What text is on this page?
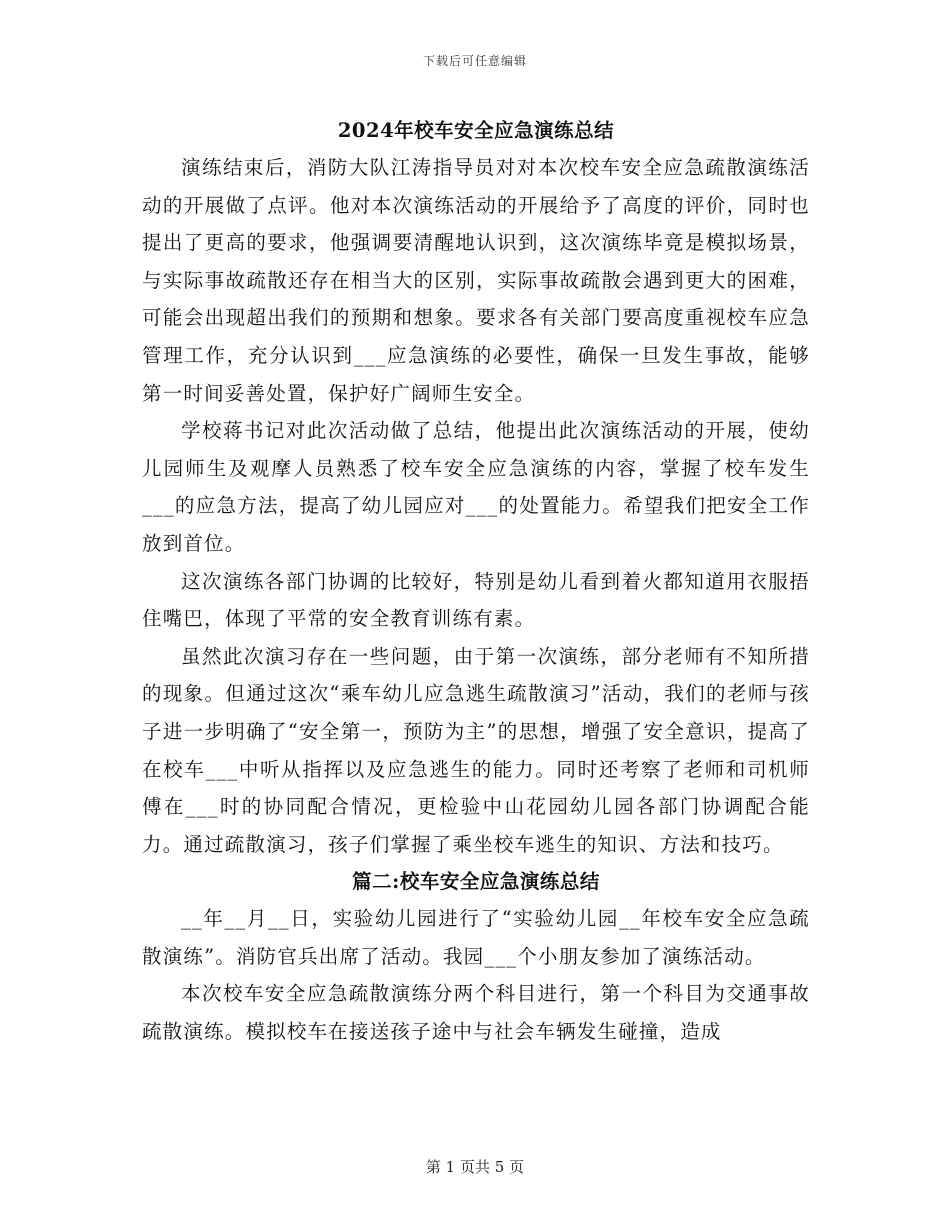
下载后可任意编辑
2024年校车安全应急演练总结

演练结束后，消防大队江涛指导员对对本次校车安全应急疏散演练活动的开展做了点评。他对本次演练活动的开展给予了高度的评价，同时也提出了更高的要求，他强调要清醒地认识到，这次演练毕竟是模拟场景，与实际事故疏散还存在相当大的区别，实际事故疏散会遇到更大的困难，可能会出现超出我们的预期和想象。要求各有关部门要高度重视校车应急管理工作，充分认识到___应急演练的必要性，确保一旦发生事故，能够第一时间妥善处置，保护好广阔师生安全。

学校蒋书记对此次活动做了总结，他提出此次演练活动的开展，使幼儿园师生及观摩人员熟悉了校车安全应急演练的内容，掌握了校车发生___的应急方法，提高了幼儿园应对___的处置能力。希望我们把安全工作放到首位。

这次演练各部门协调的比较好，特别是幼儿看到着火都知道用衣服捂住嘴巴，体现了平常的安全教育训练有素。

虽然此次演习存在一些问题，由于第一次演练，部分老师有不知所措的现象。但通过这次“乘车幼儿应急逃生疏散演习”活动，我们的老师与孩子进一步明确了“安全第一，预防为主”的思想，增强了安全意识，提高了在校车___中听从指挥以及应急逃生的能力。同时还考察了老师和司机师傅在___时的协同配合情况，更检验中山花园幼儿园各部门协调配合能力。通过疏散演习，孩子们掌握了乘坐校车逃生的知识、方法和技巧。

篇二:校车安全应急演练总结

__年__月__日，实验幼儿园进行了“实验幼儿园__年校车安全应急疏散演练”。消防官兵出席了活动。我园___个小朋友参加了演练活动。

本次校车安全应急疏散演练分两个科目进行，第一个科目为交通事故疏散演练。模拟校车在接送孩子途中与社会车辆发生碰撞，造成

第 1 页共 5 页
